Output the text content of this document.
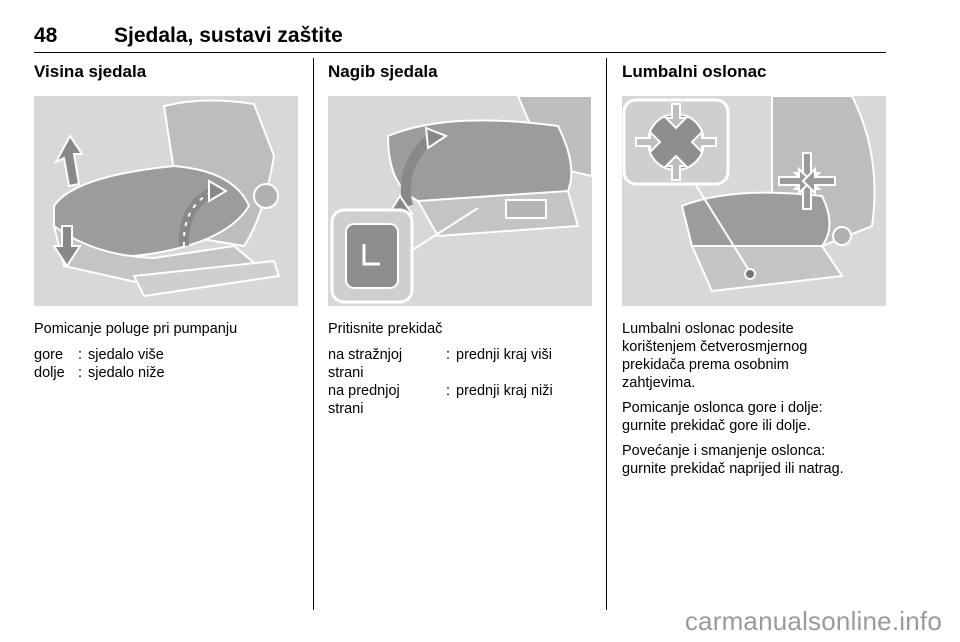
48	Sjedala, sustavi zaštite
Visina sjedala

Pomicanje poluge pri pumpanju

gore	: sjedalo više
dolje : sjedalo niže
Nagib sjedala

Pritisnite prekidač

na stražnjoj
strani
: prednji kraj viši
na prednjoj
strani
: prednji kraj niži
Lumbalni oslonac

Lumbalni oslonac podesite
korištenjem četverosmjernog
prekidača prema osobnim
zahtjevima.

Pomicanje oslonca gore i dolje:
gurnite prekidač gore ili dolje.

Povećanje i smanjenje oslonca:
gurnite prekidač naprijed ili natrag.

carmanualsonline.info
